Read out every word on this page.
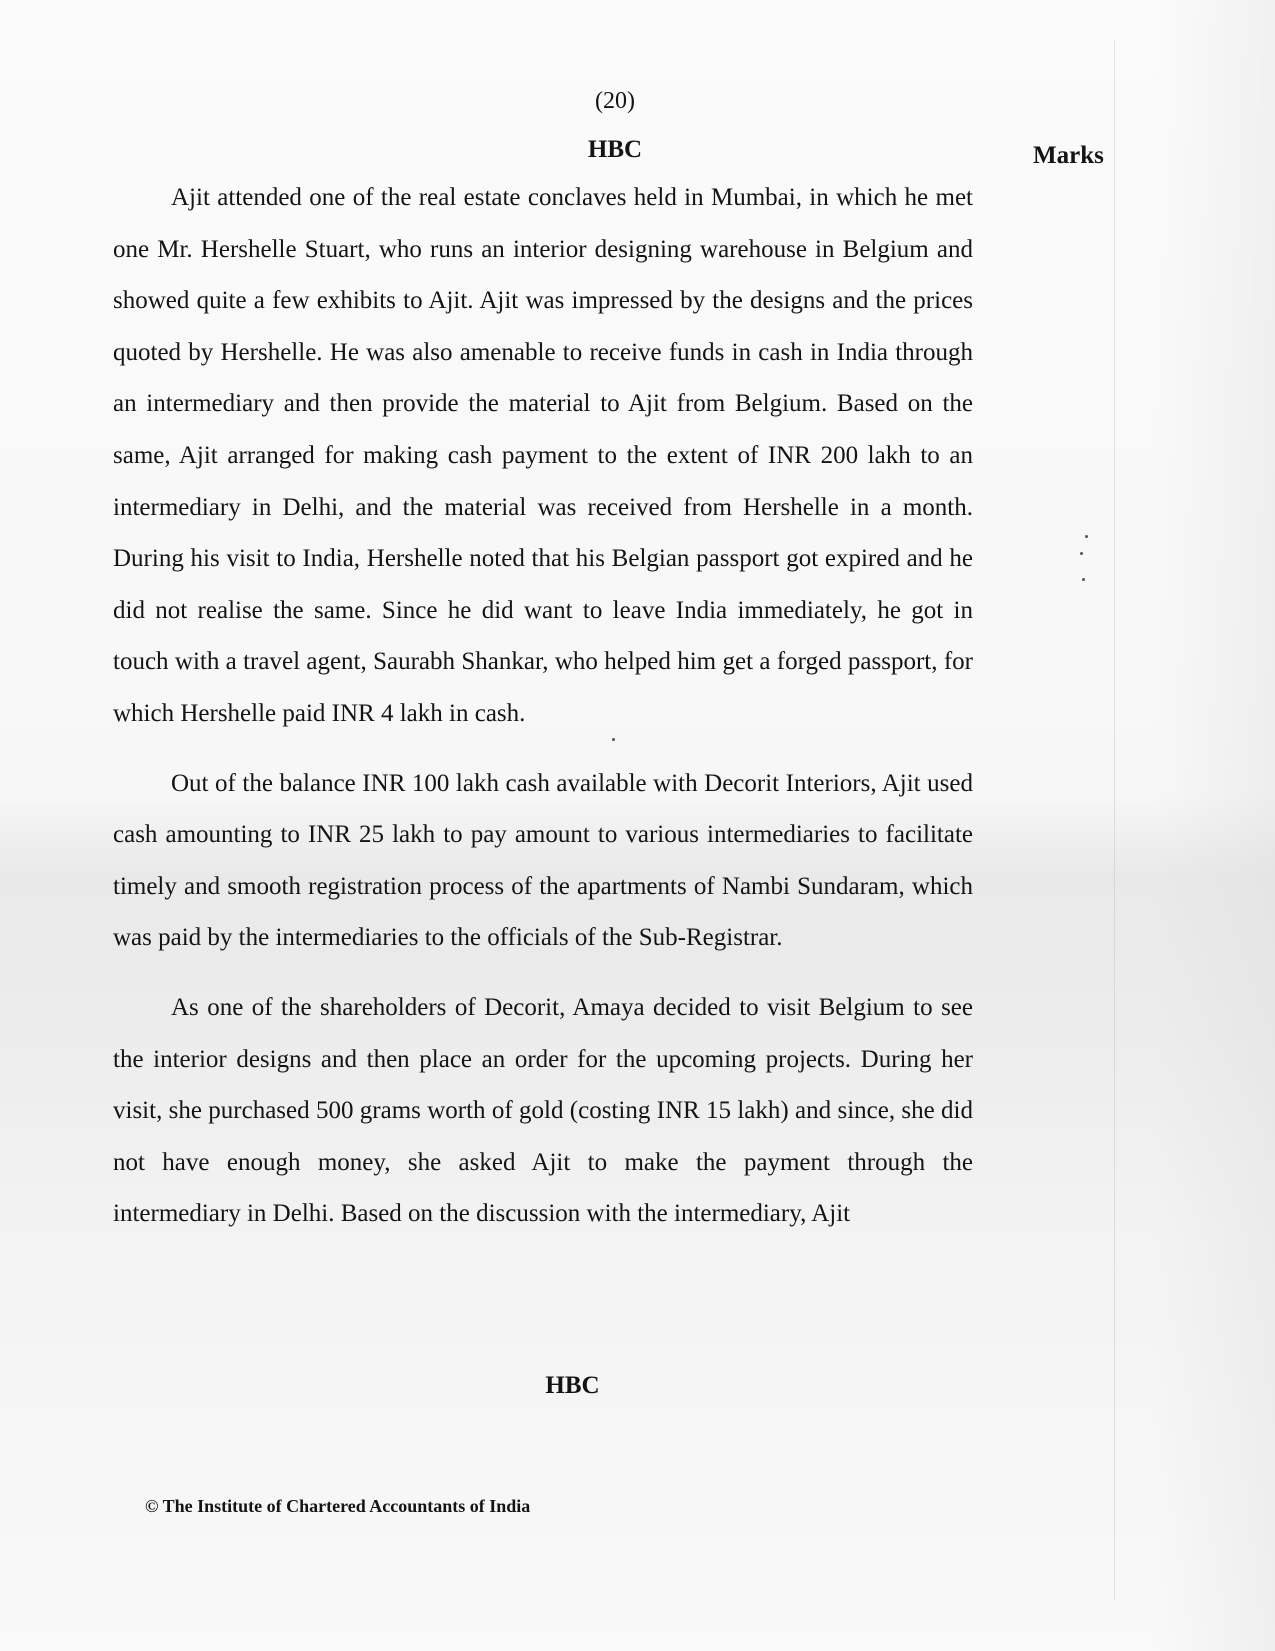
(20)
HBC	Marks

Ajit attended one of the real estate conclaves held in Mumbai, in which he met one Mr. Hershelle Stuart, who runs an interior designing warehouse in Belgium and showed quite a few exhibits to Ajit. Ajit was impressed by the designs and the prices quoted by Hershelle. He was also amenable to receive funds in cash in India through an intermediary and then provide the material to Ajit from Belgium. Based on the same, Ajit arranged for making cash payment to the extent of INR 200 lakh to an intermediary in Delhi, and the material was received from Hershelle in a month. During his visit to India, Hershelle noted that his Belgian passport got expired and he did not realise the same. Since he did want to leave India immediately, he got in touch with a travel agent, Saurabh Shankar, who helped him get a forged passport, for which Hershelle paid INR 4 lakh in cash.

Out of the balance INR 100 lakh cash available with Decorit Interiors, Ajit used cash amounting to INR 25 lakh to pay amount to various intermediaries to facilitate timely and smooth registration process of the apartments of Nambi Sundaram, which was paid by the intermediaries to the officials of the Sub-Registrar.

As one of the shareholders of Decorit, Amaya decided to visit Belgium to see the interior designs and then place an order for the upcoming projects. During her visit, she purchased 500 grams worth of gold (costing INR 15 lakh) and since, she did not have enough money, she asked Ajit to make the payment through the intermediary in Delhi. Based on the discussion with the intermediary, Ajit

HBC
© The Institute of Chartered Accountants of India
